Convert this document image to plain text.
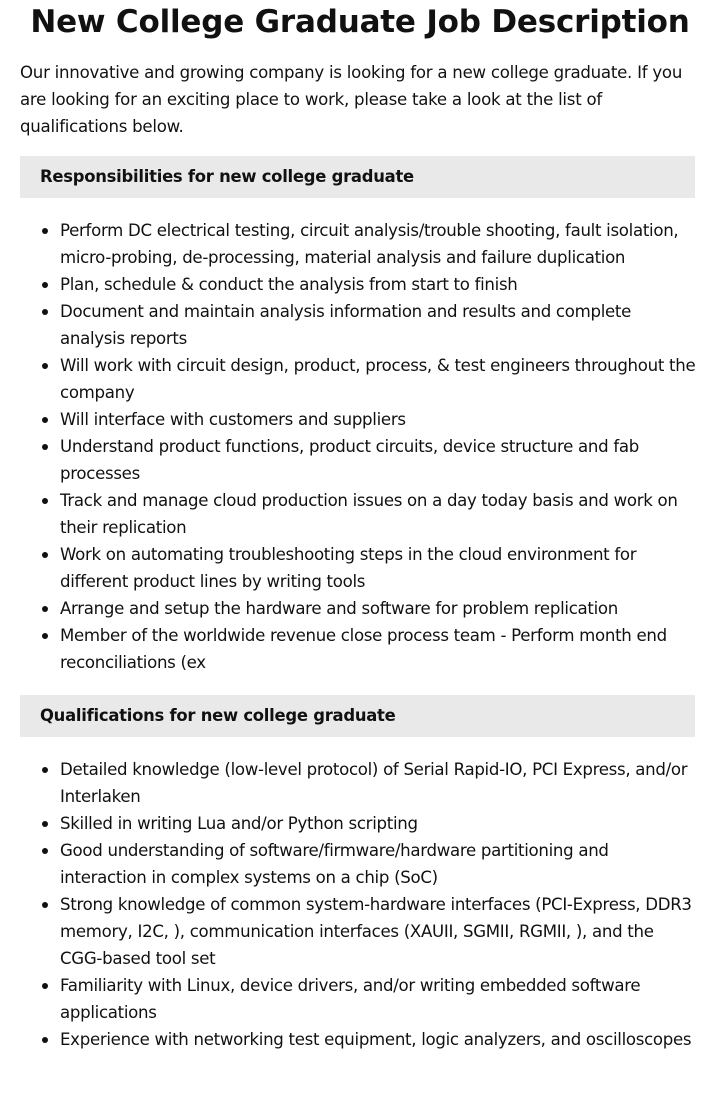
New College Graduate Job Description

Our innovative and growing company is looking for a new college graduate. If you are looking for an exciting place to work, please take a look at the list of qualifications below.

Responsibilities for new college graduate
Perform DC electrical testing, circuit analysis/trouble shooting, fault isolation, micro-probing, de-processing, material analysis and failure duplication
Plan, schedule & conduct the analysis from start to finish
Document and maintain analysis information and results and complete analysis reports
Will work with circuit design, product, process, & test engineers throughout the company
Will interface with customers and suppliers
Understand product functions, product circuits, device structure and fab processes
Track and manage cloud production issues on a day today basis and work on their replication
Work on automating troubleshooting steps in the cloud environment for different product lines by writing tools
Arrange and setup the hardware and software for problem replication
Member of the worldwide revenue close process team - Perform month end reconciliations (ex
Qualifications for new college graduate
Detailed knowledge (low-level protocol) of Serial Rapid-IO, PCI Express, and/or Interlaken
Skilled in writing Lua and/or Python scripting
Good understanding of software/firmware/hardware partitioning and interaction in complex systems on a chip (SoC)
Strong knowledge of common system-hardware interfaces (PCI-Express, DDR3 memory, I2C, ), communication interfaces (XAUII, SGMII, RGMII, ), and the CGG-based tool set
Familiarity with Linux, device drivers, and/or writing embedded software applications
Experience with networking test equipment, logic analyzers, and oscilloscopes
